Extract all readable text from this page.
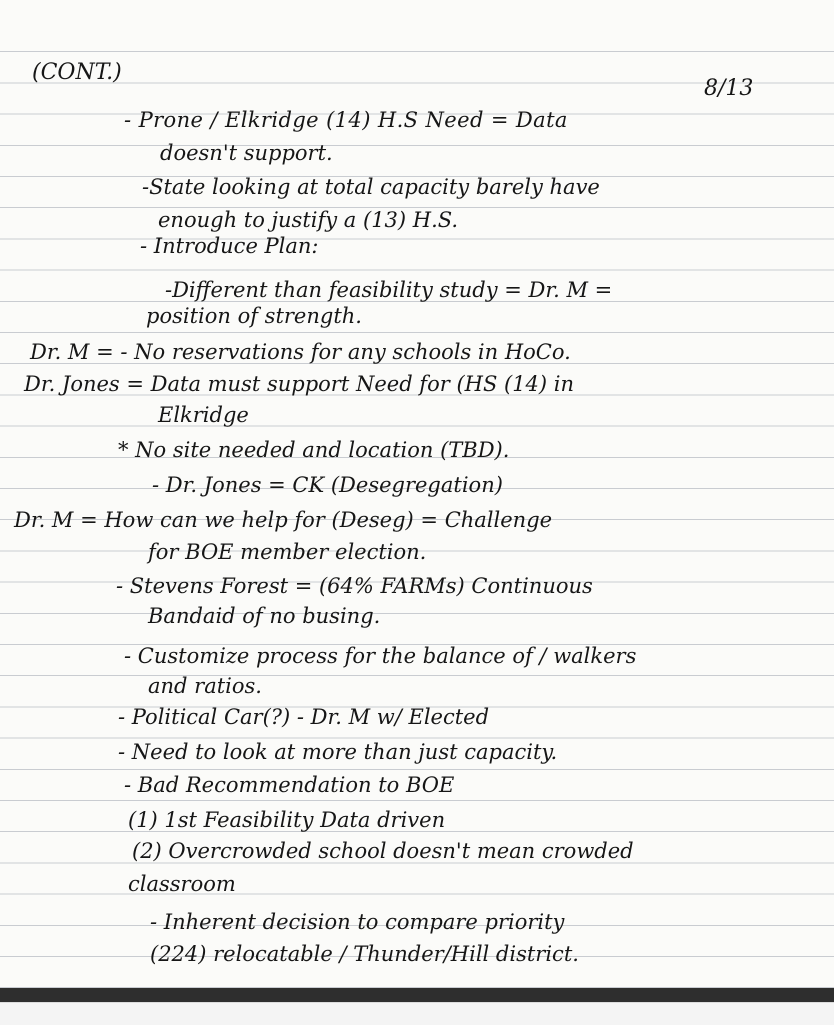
(CONT.)
8/13
- Prone / Elkridge (14) H.S Need = Data
doesn't support.
-State looking at total capacity barely have
enough to justify a (13) H.S.
- Introduce Plan:
-Different than feasibility study = Dr. M =
position of strength.
Dr. M = - No reservations for any schools in HoCo.
Dr. Jones = Data must support Need for (HS (14) in
Elkridge
* No site needed and location (TBD).
- Dr. Jones = CK (Desegregation)
Dr. M = How can we help for (Deseg) = Challenge
for BOE member election.
- Stevens Forest = (64% FARMs) Continuous
Bandaid of no busing.
- Customize process for the balance of / walkers
and ratios.
- Political Car(?) - Dr. M w/ Elected
- Need to look at more than just capacity.
- Bad Recommendation to BOE
(1) 1st Feasibility Data driven
(2) Overcrowded school doesn't mean crowded
classroom
- Inherent decision to compare priority
(224) relocatable / Thunder/Hill district.
